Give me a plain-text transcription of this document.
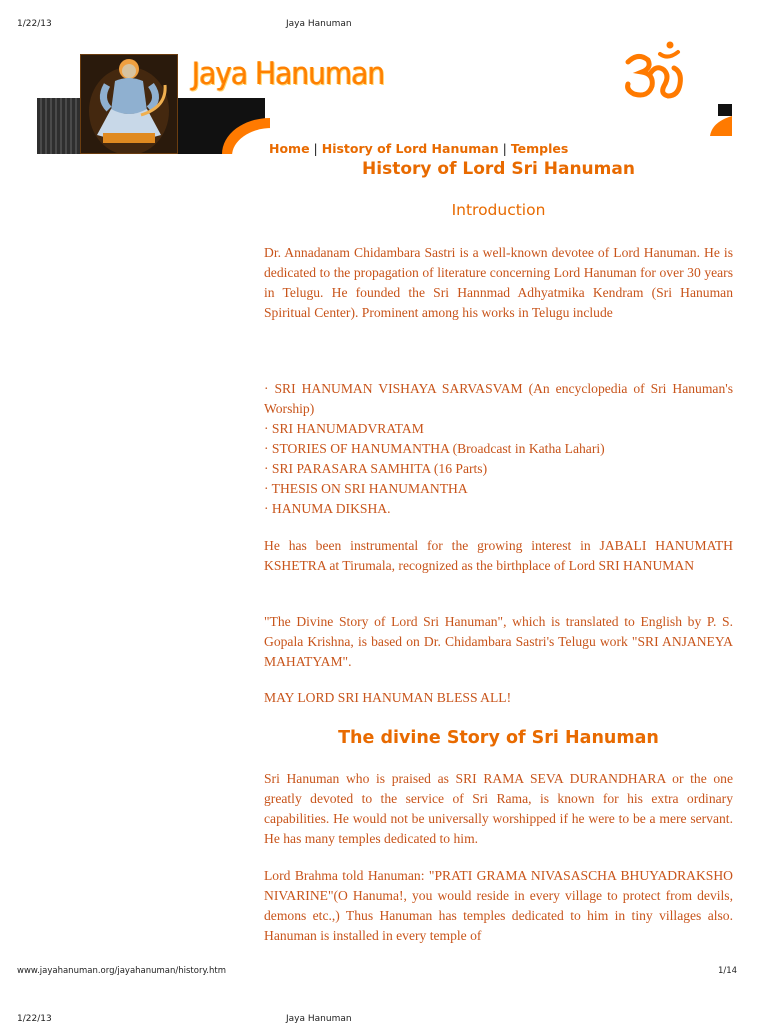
1/22/13	Jaya Hanuman
Jaya Hanuman
Home | History of Lord Hanuman | Temples
History of Lord Sri Hanuman
Introduction
Dr. Annadanam Chidambara Sastri is a well-known devotee of Lord Hanuman. He is dedicated to the propagation of literature concerning Lord Hanuman for over 30 years in Telugu. He founded the Sri Hannmad Adhyatmika Kendram (Sri Hanuman Spiritual Center). Prominent among his works in Telugu include
· SRI HANUMAN VISHAYA SARVASVAM (An encyclopedia of Sri Hanuman's Worship)
· SRI HANUMADVRATAM
· STORIES OF HANUMANTHA (Broadcast in Katha Lahari)
· SRI PARASARA SAMHITA (16 Parts)
· THESIS ON SRI HANUMANTHA
· HANUMA DIKSHA.
He has been instrumental for the growing interest in JABALI HANUMATH KSHETRA at Tirumala, recognized as the birthplace of Lord SRI HANUMAN
"The Divine Story of Lord Sri Hanuman", which is translated to English by P. S. Gopala Krishna, is based on Dr. Chidambara Sastri's Telugu work "SRI ANJANEYA MAHATYAM".
MAY LORD SRI HANUMAN BLESS ALL!
The divine Story of Sri Hanuman
Sri Hanuman who is praised as SRI RAMA SEVA DURANDHARA or the one greatly devoted to the service of Sri Rama, is known for his extra ordinary capabilities. He would not be universally worshipped if he were to be a mere servant. He has many temples dedicated to him.
Lord Brahma told Hanuman: "PRATI GRAMA NIVASASCHA BHUYADRAKSHO NIVARINE"(O Hanuma!, you would reside in every village to protect from devils, demons etc.,) Thus Hanuman has temples dedicated to him in tiny villages also. Hanuman is installed in every temple of
www.jayahanuman.org/jayahanuman/history.htm	1/14
1/22/13	Jaya Hanuman
